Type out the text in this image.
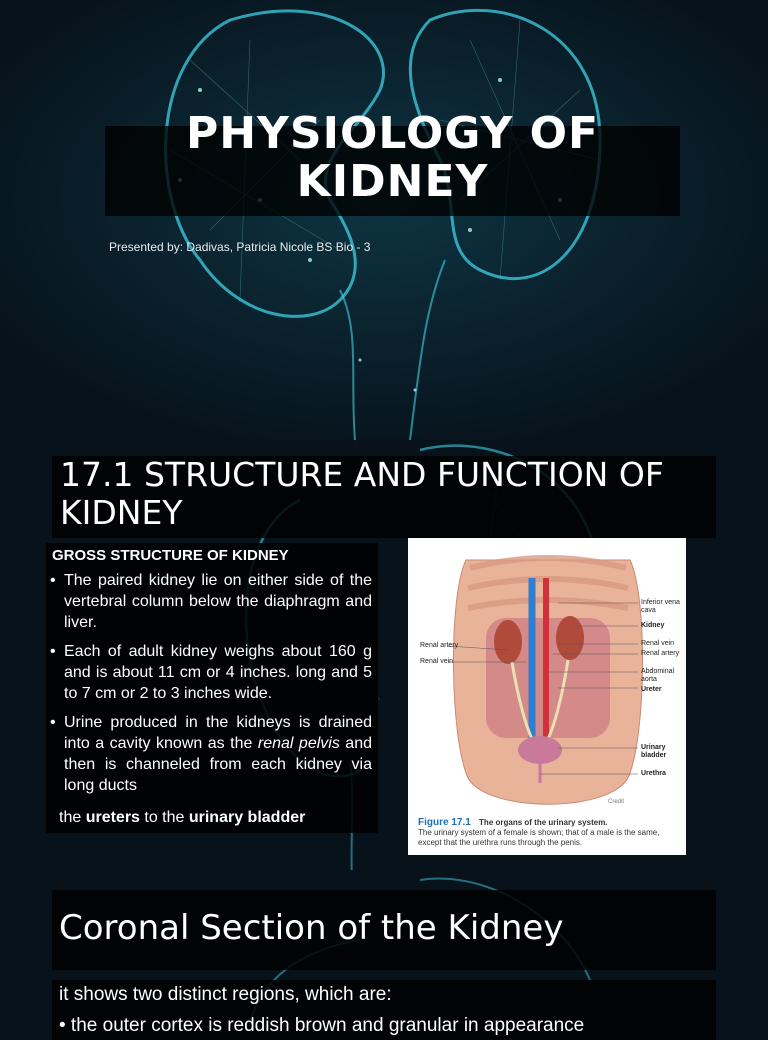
PHYSIOLOGY OF KIDNEY
Presented by: Dadivas, Patricia Nicole BS Bio - 3
17.1 STRUCTURE AND FUNCTION OF KIDNEY
GROSS STRUCTURE OF KIDNEY
• The paired kidney lie on either side of the vertebral column below the diaphragm and liver.
• Each of adult kidney weighs about 160 g and is about 11 cm or 4 inches. long and 5 to 7 cm or 2 to 3 inches wide.
• Urine produced in the kidneys is drained into a cavity known as the renal pelvis and then is channeled from each kidney via long ducts
the ureters to the urinary bladder
Inferior vena cava
Kidney
Renal vein
Renal artery
Abdominal aorta
Ureter
Urinary bladder
Urethra
Renal artery
Renal vein
Credit
Figure 17.1 The organs of the urinary system.
The urinary system of a female is shown; that of a male is the same, except that the urethra runs through the penis.
Coronal Section of the Kidney
it shows two distinct regions, which are:
• the outer cortex is reddish brown and granular in appearance
